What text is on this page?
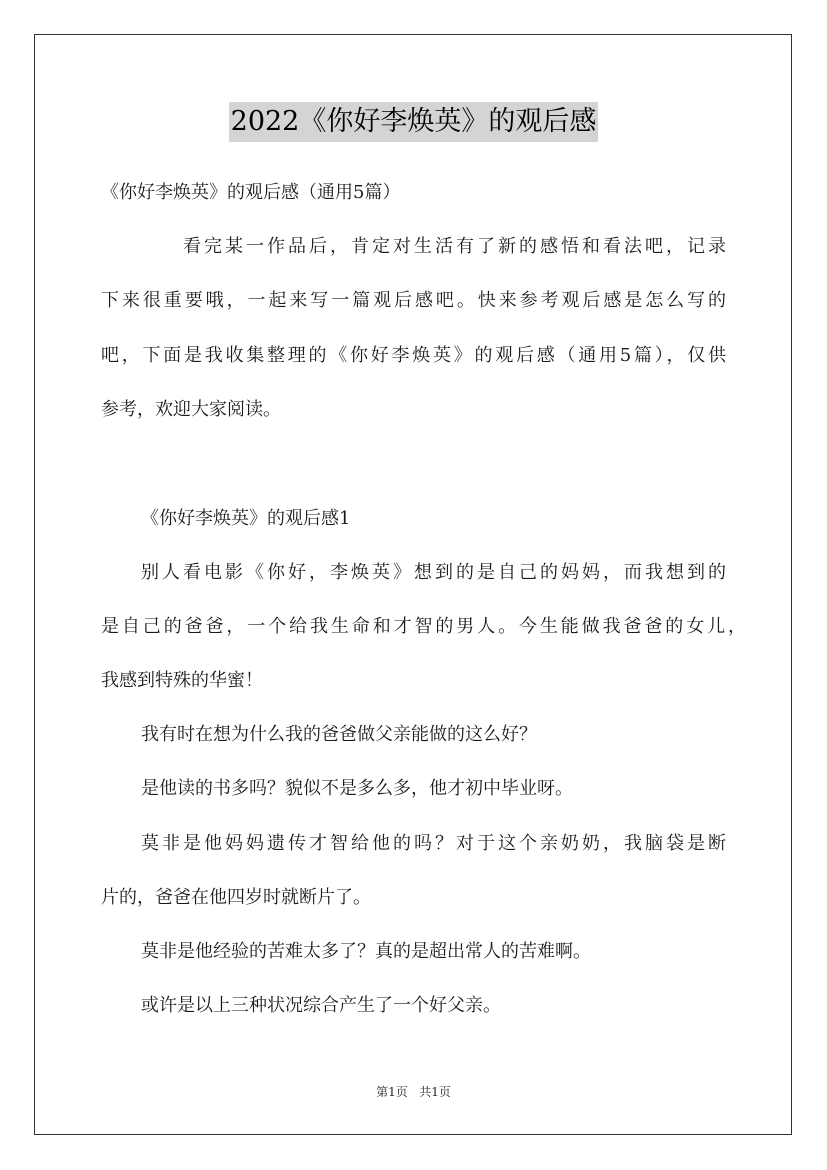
2022《你好李焕英》的观后感
《你好李焕英》的观后感（通用5篇）
看完某一作品后，肯定对生活有了新的感悟和看法吧，记录
下来很重要哦，一起来写一篇观后感吧。快来参考观后感是怎么写的
吧，下面是我收集整理的《你好李焕英》的观后感（通用5篇），仅供
参考，欢迎大家阅读。
《你好李焕英》的观后感1
别人看电影《你好，李焕英》想到的是自己的妈妈，而我想到的
是自己的爸爸，一个给我生命和才智的男人。今生能做我爸爸的女儿，
我感到特殊的华蜜！
我有时在想为什么我的爸爸做父亲能做的这么好？
是他读的书多吗？貌似不是多么多，他才初中毕业呀。
莫非是他妈妈遗传才智给他的吗？对于这个亲奶奶，我脑袋是断
片的，爸爸在他四岁时就断片了。
莫非是他经验的苦难太多了？真的是超出常人的苦难啊。
或许是以上三种状况综合产生了一个好父亲。
第1页 共1页
